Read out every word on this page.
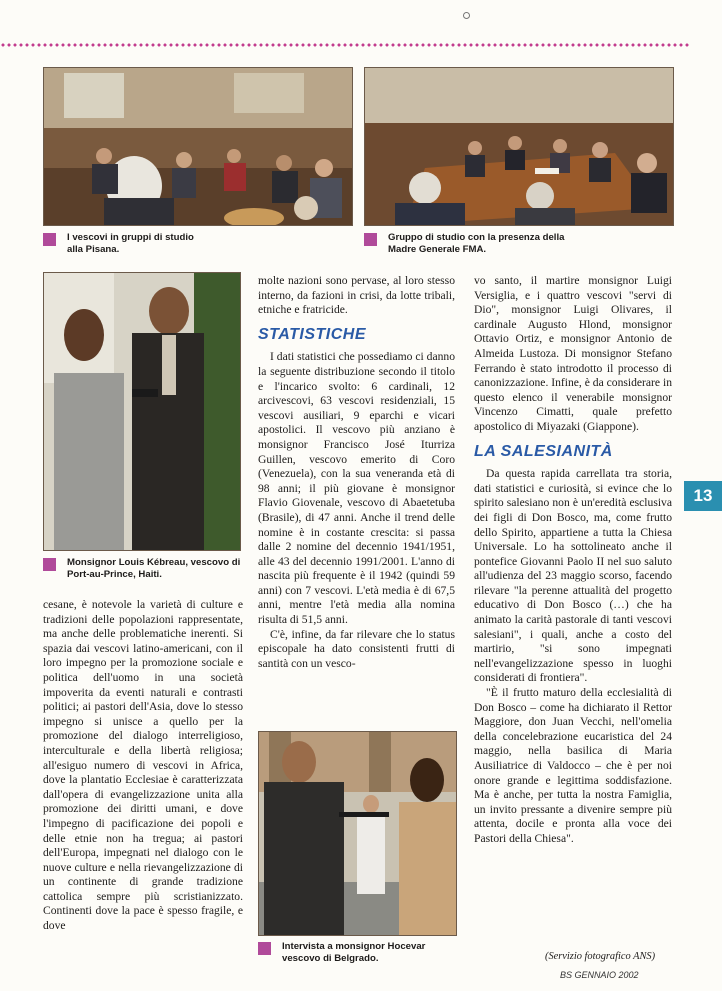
I vescovi in gruppi di studio alla Pisana.
Gruppo di studio con la presenza della Madre Generale FMA.
Monsignor Louis Kébreau, vescovo di Port-au-Prince, Haiti.
Intervista a monsignor Hocevar vescovo di Belgrado.

cesane, è notevole la varietà di culture e tradizioni delle popolazioni rappresentate, ma anche delle problematiche inerenti. Si spazia dai vescovi latino-americani, con il loro impegno per la promozione sociale e politica dell'uomo in una società impoverita da eventi naturali e contrasti politici; ai pastori dell'Asia, dove lo stesso impegno si unisce a quello per la promozione del dialogo interreligioso, interculturale e della libertà religiosa; all'esiguo numero di vescovi in Africa, dove la plantatio Ecclesiae è caratterizzata dall'opera di evangelizzazione unita alla promozione dei diritti umani, e dove l'impegno di pacificazione dei popoli e delle etnie non ha tregua; ai pastori dell'Europa, impegnati nel dialogo con le nuove culture e nella rievangelizzazione di un continente di grande tradizione cattolica sempre più scristianizzato. Continenti dove la pace è spesso fragile, e dove

molte nazioni sono pervase, al loro stesso interno, da fazioni in crisi, da lotte tribali, etniche e fratricide.

STATISTICHE

I dati statistici che possediamo ci danno la seguente distribuzione secondo il titolo e l'incarico svolto: 6 cardinali, 12 arcivescovi, 63 vescovi residenziali, 15 vescovi ausiliari, 9 eparchi e vicari apostolici. Il vescovo più anziano è monsignor Francisco José Iturriza Guillen, vescovo emerito di Coro (Venezuela), con la sua veneranda età di 98 anni; il più giovane è monsignor Flavio Giovenale, vescovo di Abaetetuba (Brasile), di 47 anni. Anche il trend delle nomine è in costante crescita: si passa dalle 2 nomine del decennio 1941/1951, alle 43 del decennio 1991/2001. L'anno di nascita più frequente è il 1942 (quindi 59 anni) con 7 vescovi. L'età media è di 67,5 anni, mentre l'età media alla nomina risulta di 51,5 anni.

C'è, infine, da far rilevare che lo status episcopale ha dato consistenti frutti di santità con un vesco-

vo santo, il martire monsignor Luigi Versiglia, e i quattro vescovi "servi di Dio", monsignor Luigi Olivares, il cardinale Augusto Hlond, monsignor Ottavio Ortiz, e monsignor Antonio de Almeida Lustoza. Di monsignor Stefano Ferrando è stato introdotto il processo di canonizzazione. Infine, è da considerare in questo elenco il venerabile monsignor Vincenzo Cimatti, quale prefetto apostolico di Miyazaki (Giappone).

LA SALESIANITÀ

Da questa rapida carrellata tra storia, dati statistici e curiosità, si evince che lo spirito salesiano non è un'eredità esclusiva dei figli di Don Bosco, ma, come frutto dello Spirito, appartiene a tutta la Chiesa Universale. Lo ha sottolineato anche il pontefice Giovanni Paolo II nel suo saluto all'udienza del 23 maggio scorso, facendo rilevare "la perenne attualità del progetto educativo di Don Bosco (…) che ha animato la carità pastorale di tanti vescovi salesiani", i quali, anche a costo del martirio, "si sono impegnati nell'evangelizzazione spesso in luoghi considerati di frontiera".

"È il frutto maturo della ecclesialità di Don Bosco – come ha dichiarato il Rettor Maggiore, don Juan Vecchi, nell'omelia della concelebrazione eucaristica del 24 maggio, nella basilica di Maria Ausiliatrice di Valdocco – che è per noi onore grande e legittima soddisfazione. Ma è anche, per tutta la nostra Famiglia, un invito pressante a divenire sempre più attenta, docile e pronta alla voce dei Pastori della Chiesa".

13
(Servizio fotografico ANS)
BS GENNAIO 2002
